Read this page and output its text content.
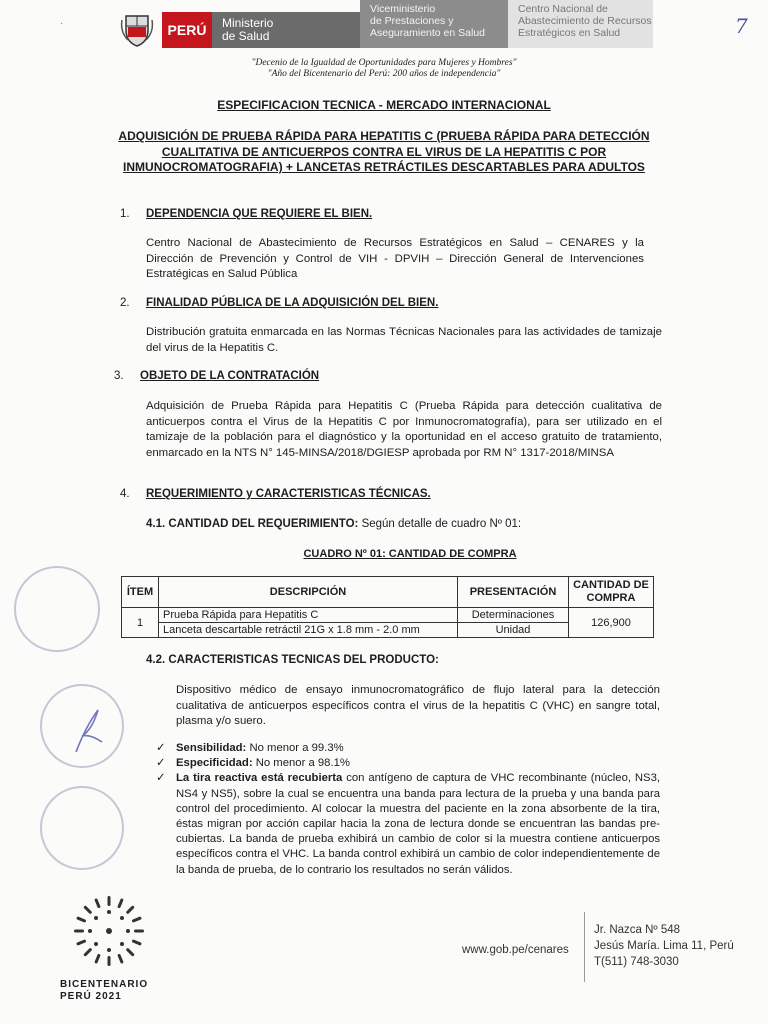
PERÚ Ministerio
de Salud
Viceministerio
de Prestaciones y
Aseguramiento en Salud
Centro Nacional de
Abastecimiento de Recursos
Estratégicos en Salud	7
·
"Decenio de la Igualdad de Oportunidades para Mujeres y Hombres"
"Año del Bicentenario del Perú: 200 años de independencia"
ESPECIFICACION TECNICA - MERCADO INTERNACIONAL
ADQUISICIÓN DE PRUEBA RÁPIDA PARA HEPATITIS C (PRUEBA RÁPIDA PARA DETECCIÓN CUALITATIVA DE ANTICUERPOS CONTRA EL VIRUS DE LA HEPATITIS C POR INMUNOCROMATOGRAFIA) + LANCETAS RETRÁCTILES DESCARTABLES PARA ADULTOS
1. DEPENDENCIA QUE REQUIERE EL BIEN.
Centro Nacional de Abastecimiento de Recursos Estratégicos en Salud – CENARES y la Dirección de Prevención y Control de VIH - DPVIH – Dirección General de Intervenciones Estratégicas en Salud Pública
2. FINALIDAD PÚBLICA DE LA ADQUISICIÓN DEL BIEN.
Distribución gratuita enmarcada en las Normas Técnicas Nacionales para las actividades de tamizaje del virus de la Hepatitis C.
3. OBJETO DE LA CONTRATACIÓN
Adquisición de Prueba Rápida para Hepatitis C (Prueba Rápida para detección cualitativa de anticuerpos contra el Virus de la Hepatitis C por Inmunocromatografía), para ser utilizado en el tamizaje de la población para el diagnóstico y la oportunidad en el acceso gratuito de tratamiento, enmarcado en la NTS N° 145-MINSA/2018/DGIESP aprobada por RM N° 1317-2018/MINSA
4. REQUERIMIENTO y CARACTERISTICAS TÉCNICAS.
4.1. CANTIDAD DEL REQUERIMIENTO: Según detalle de cuadro Nº 01:
CUADRO Nº 01: CANTIDAD DE COMPRA
ÍTEM	DESCRIPCIÓN	PRESENTACIÓN	CANTIDAD DE COMPRA
1	Prueba Rápida para Hepatitis C	Determinaciones	126,900
	Lanceta descartable retráctil 21G x 1.8 mm - 2.0 mm	Unidad	
4.2. CARACTERISTICAS TECNICAS DEL PRODUCTO:
Dispositivo médico de ensayo inmunocromatográfico de flujo lateral para la detección cualitativa de anticuerpos específicos contra el virus de la hepatitis C (VHC) en sangre total, plasma y/o suero.
✓ Sensibilidad: No menor a 99.3%
✓ Especificidad: No menor a 98.1%
✓ La tira reactiva está recubierta con antígeno de captura de VHC recombinante (núcleo, NS3, NS4 y NS5), sobre la cual se encuentra una banda para lectura de la prueba y una banda para control del procedimiento. Al colocar la muestra del paciente en la zona absorbente de la tira, éstas migran por acción capilar hacia la zona de lectura donde se encuentran las bandas pre-cubiertas. La banda de prueba exhibirá un cambio de color si la muestra contiene anticuerpos específicos contra el VHC. La banda control exhibirá un cambio de color independientemente de la banda de prueba, de lo contrario los resultados no serán válidos.
BICENTENARIO
PERÚ 2021
www.gob.pe/cenares
Jr. Nazca Nº 548
Jesús María. Lima 11, Perú
T(511) 748-3030
